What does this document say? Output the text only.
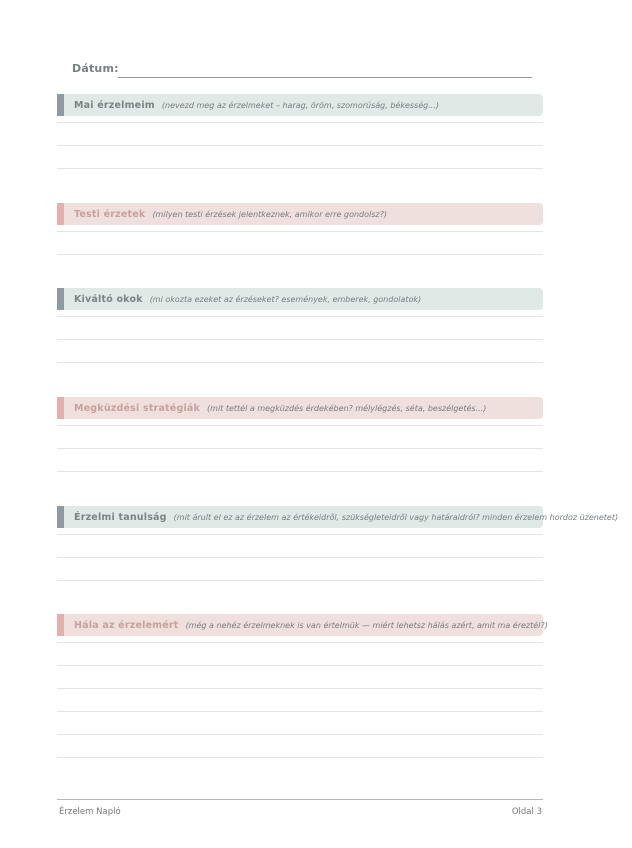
Dátum:
Mai érzelmeim (nevezd meg az érzelmeket – harag, öröm, szomorúság, békesség...)
Testi érzetek (milyen testi érzések jelentkeznek, amikor erre gondolsz?)
Kiváltó okok (mi okozta ezeket az érzéseket? események, emberek, gondolatok)
Megküzdési stratégiák (mit tettél a megküzdés érdekében? mélylégzés, séta, beszélgetés...)
Érzelmi tanulság (mit árult el ez az érzelem az értékeidről, szükségleteidről vagy határaidról? minden érzelem hordoz üzenetet)
Hála az érzelemért (még a nehéz érzelmeknek is van értelmük — miért lehetsz hálás azért, amit ma éreztél?)
Érzelem Napló	Oldal 3
